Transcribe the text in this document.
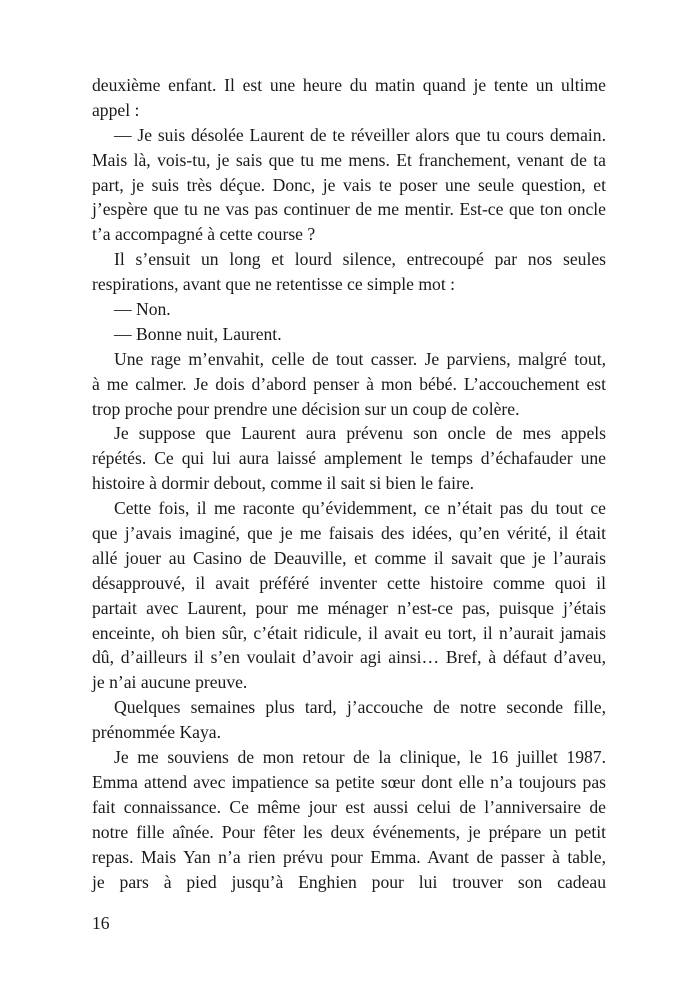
deuxième enfant. Il est une heure du matin quand je tente un ultime
appel :
— Je suis désolée Laurent de te réveiller alors que tu cours demain.
Mais là, vois-tu, je sais que tu me mens. Et franchement, venant de ta
part, je suis très déçue. Donc, je vais te poser une seule question, et
j’espère que tu ne vas pas continuer de me mentir. Est-ce que ton oncle
t’a accompagné à cette course ?
Il s’ensuit un long et lourd silence, entrecoupé par nos seules
respirations, avant que ne retentisse ce simple mot :
— Non.
— Bonne nuit, Laurent.
Une rage m’envahit, celle de tout casser. Je parviens, malgré tout,
à me calmer. Je dois d’abord penser à mon bébé. L’accouchement est
trop proche pour prendre une décision sur un coup de colère.
Je suppose que Laurent aura prévenu son oncle de mes appels
répétés. Ce qui lui aura laissé amplement le temps d’échafauder une
histoire à dormir debout, comme il sait si bien le faire.
Cette fois, il me raconte qu’évidemment, ce n’était pas du tout ce
que j’avais imaginé, que je me faisais des idées, qu’en vérité, il était
allé jouer au Casino de Deauville, et comme il savait que je l’aurais
désapprouvé, il avait préféré inventer cette histoire comme quoi il
partait avec Laurent, pour me ménager n’est-ce pas, puisque j’étais
enceinte, oh bien sûr, c’était ridicule, il avait eu tort, il n’aurait jamais
dû, d’ailleurs il s’en voulait d’avoir agi ainsi… Bref, à défaut d’aveu,
je n’ai aucune preuve.
Quelques semaines plus tard, j’accouche de notre seconde fille,
prénommée Kaya.
Je me souviens de mon retour de la clinique, le 16 juillet 1987.
Emma attend avec impatience sa petite sœur dont elle n’a toujours pas
fait connaissance. Ce même jour est aussi celui de l’anniversaire de
notre fille aînée. Pour fêter les deux événements, je prépare un petit
repas. Mais Yan n’a rien prévu pour Emma. Avant de passer à table,
je pars à pied jusqu’à Enghien pour lui trouver son cadeau
16
